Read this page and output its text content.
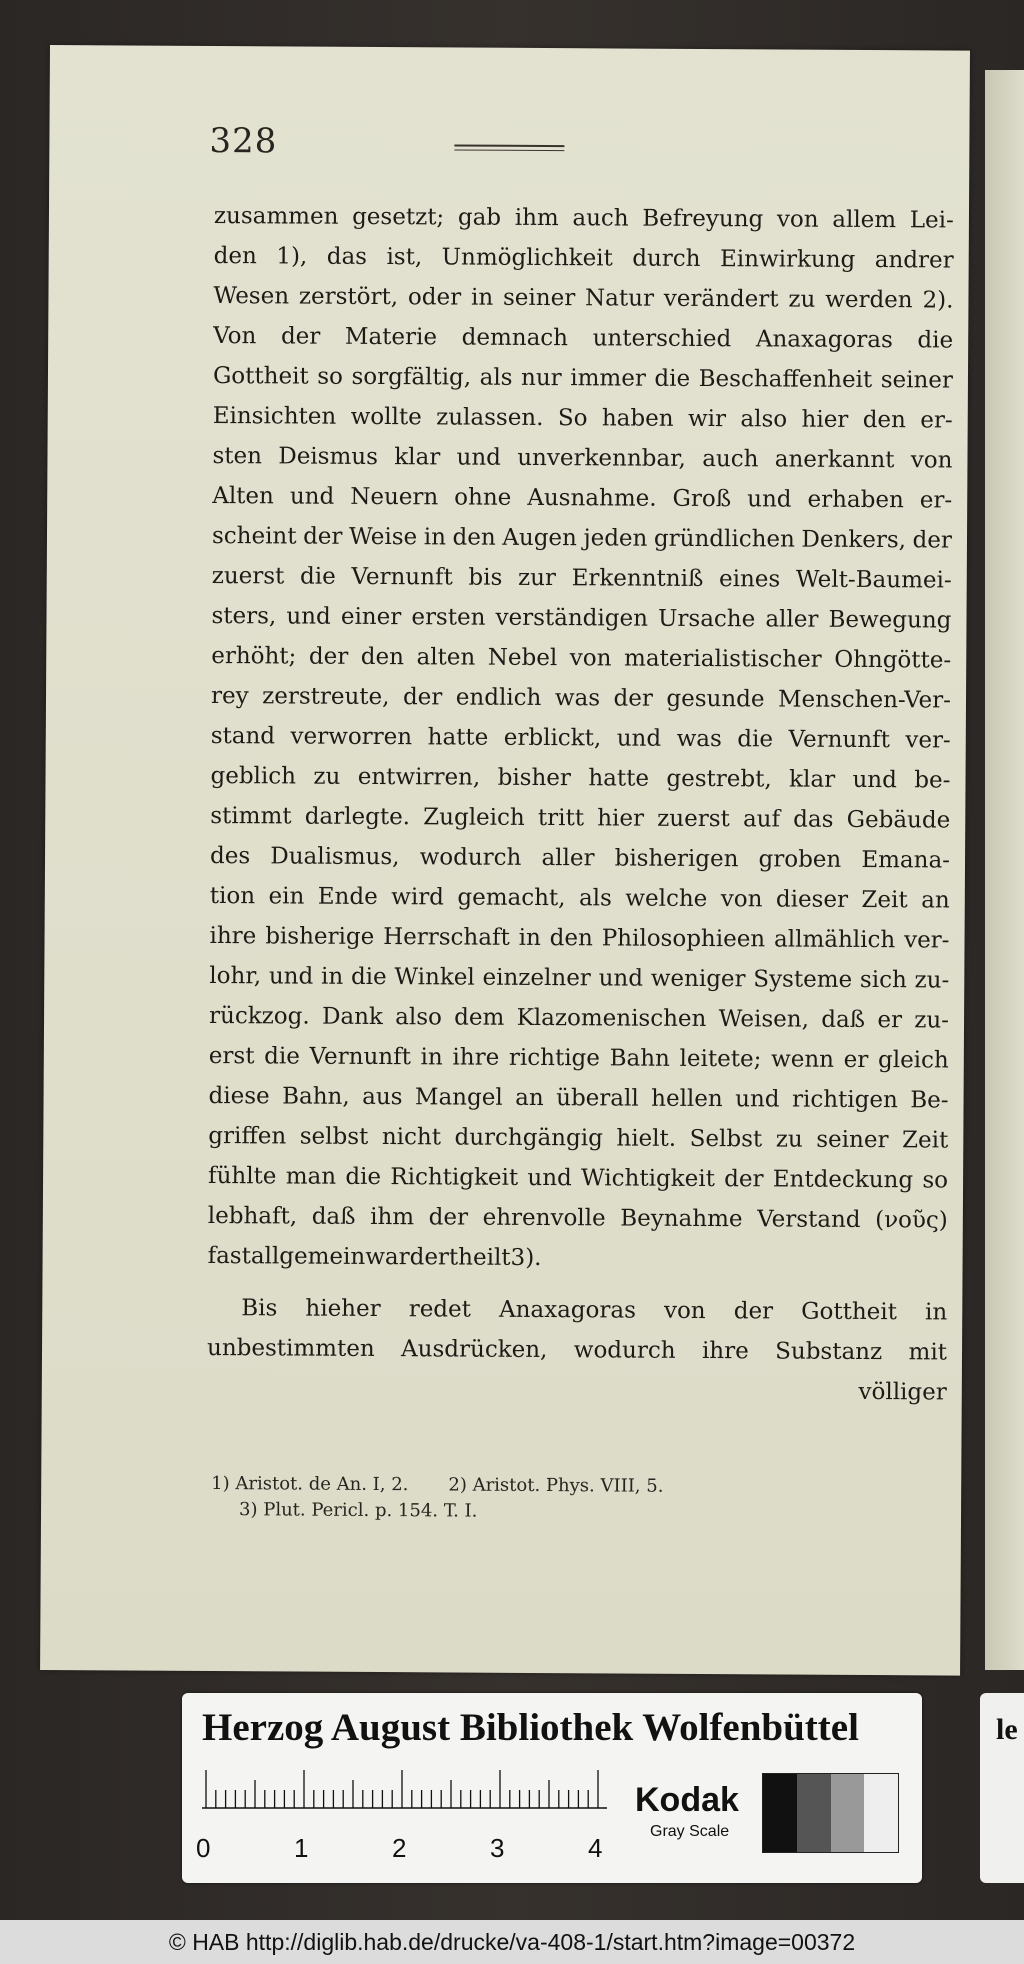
328
zusammen gesetzt; gab ihm auch Befreyung von allem Lei-
den 1), das ist, Unmöglichkeit durch Einwirkung andrer
Wesen zerstört, oder in seiner Natur verändert zu werden 2).
Von der Materie demnach unterschied Anaxagoras die
Gottheit so sorgfältig, als nur immer die Beschaffenheit seiner
Einsichten wollte zulassen. So haben wir also hier den er-
sten Deismus klar und unverkennbar, auch anerkannt von
Alten und Neuern ohne Ausnahme. Groß und erhaben er-
scheint der Weise in den Augen jeden gründlichen Denkers, der
zuerst die Vernunft bis zur Erkenntniß eines Welt-Baumei-
sters, und einer ersten verständigen Ursache aller Bewegung
erhöht; der den alten Nebel von materialistischer Ohngötte-
rey zerstreute, der endlich was der gesunde Menschen-Ver-
stand verworren hatte erblickt, und was die Vernunft ver-
geblich zu entwirren, bisher hatte gestrebt, klar und be-
stimmt darlegte. Zugleich tritt hier zuerst auf das Gebäude
des Dualismus, wodurch aller bisherigen groben Emana-
tion ein Ende wird gemacht, als welche von dieser Zeit an
ihre bisherige Herrschaft in den Philosophieen allmählich ver-
lohr, und in die Winkel einzelner und weniger Systeme sich zu-
rückzog. Dank also dem Klazomenischen Weisen, daß er zu-
erst die Vernunft in ihre richtige Bahn leitete; wenn er gleich
diese Bahn, aus Mangel an überall hellen und richtigen Be-
griffen selbst nicht durchgängig hielt. Selbst zu seiner Zeit
fühlte man die Richtigkeit und Wichtigkeit der Entdeckung so
lebhaft, daß ihm der ehrenvolle Beynahme Verstand (νοῦς)
fast allgemein ward ertheilt 3).
Bis hieher redet Anaxagoras von der Gottheit in
unbestimmten Ausdrücken, wodurch ihre Substanz mit
völliger
1) Aristot. de An. I, 2. 2) Aristot. Phys. VIII, 5.
3) Plut. Pericl. p. 154. T. I.
Herzog August Bibliothek Wolfenbüttel
0	1	2	3	4
Kodak
Gray Scale
le
© HAB http://diglib.hab.de/drucke/va-408-1/start.htm?image=00372
